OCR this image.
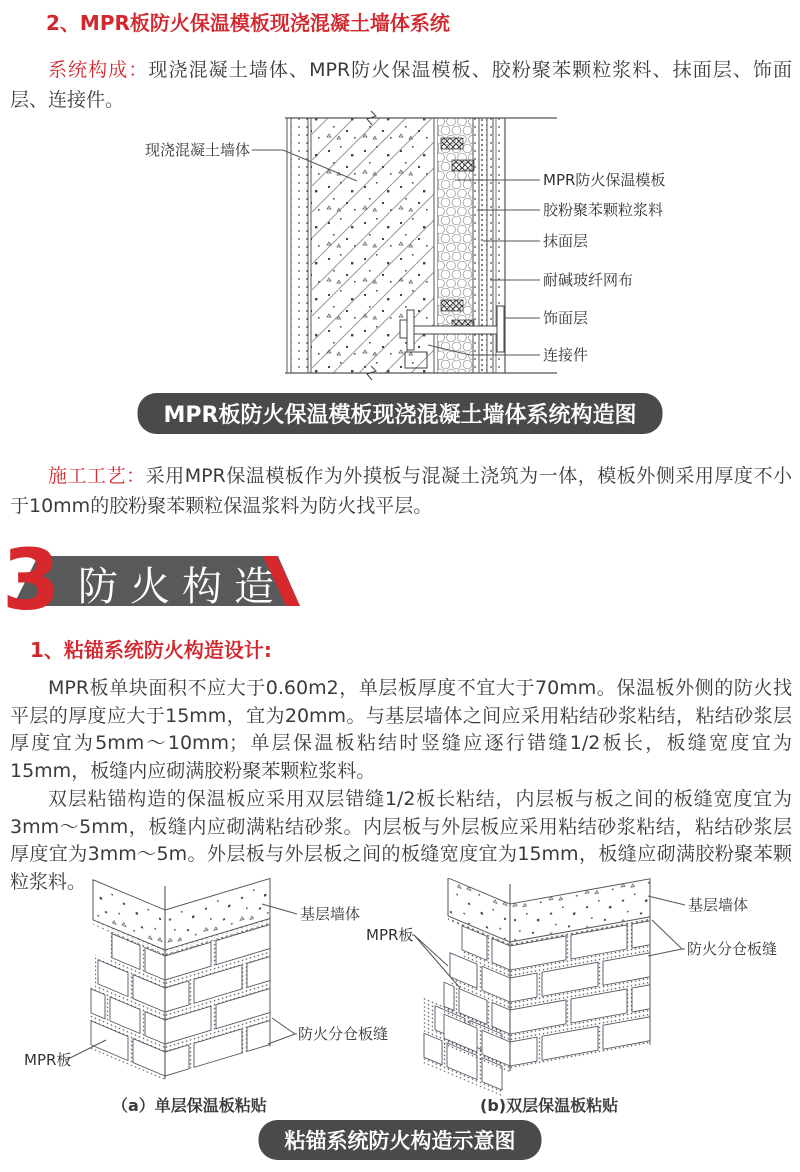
2、MPR板防火保温模板现浇混凝土墙体系统

系统构成：现浇混凝土墙体、MPR防火保温模板、胶粉聚苯颗粒浆料、抹面层、饰面层、连接件。

现浇混凝土墙体
MPR防火保温模板
胶粉聚苯颗粒浆料
抹面层
耐碱玻纤网布
饰面层
连接件
MPR板防火保温模板现浇混凝土墙体系统构造图

施工工艺：采用MPR保温模板作为外摸板与混凝土浇筑为一体，模板外侧采用厚度不小于10mm的胶粉聚苯颗粒保温浆料为防火找平层。

3 防火构造
1、粘锚系统防火构造设计:

MPR板单块面积不应大于0.60m2，单层板厚度不宜大于70mm。保温板外侧的防火找平层的厚度应大于15mm，宜为20mm。与基层墙体之间应采用粘结砂浆粘结，粘结砂浆层厚度宜为5mm～10mm；单层保温板粘结时竖缝应逐行错缝1/2板长，板缝宽度宜为15mm，板缝内应砌满胶粉聚苯颗粒浆料。

双层粘锚构造的保温板应采用双层错缝1/2板长粘结，内层板与板之间的板缝宽度宜为3mm～5mm，板缝内应砌满粘结砂浆。内层板与外层板应采用粘结砂浆粘结，粘结砂浆层厚度宜为3mm～5m。外层板与外层板之间的板缝宽度宜为15mm，板缝应砌满胶粉聚苯颗粒浆料。

基层墙体
防火分仓板缝
MPR板
（a）单层保温板粘贴
基层墙体
防火分仓板缝
MPR板
(b)双层保温板粘贴
粘锚系统防火构造示意图
